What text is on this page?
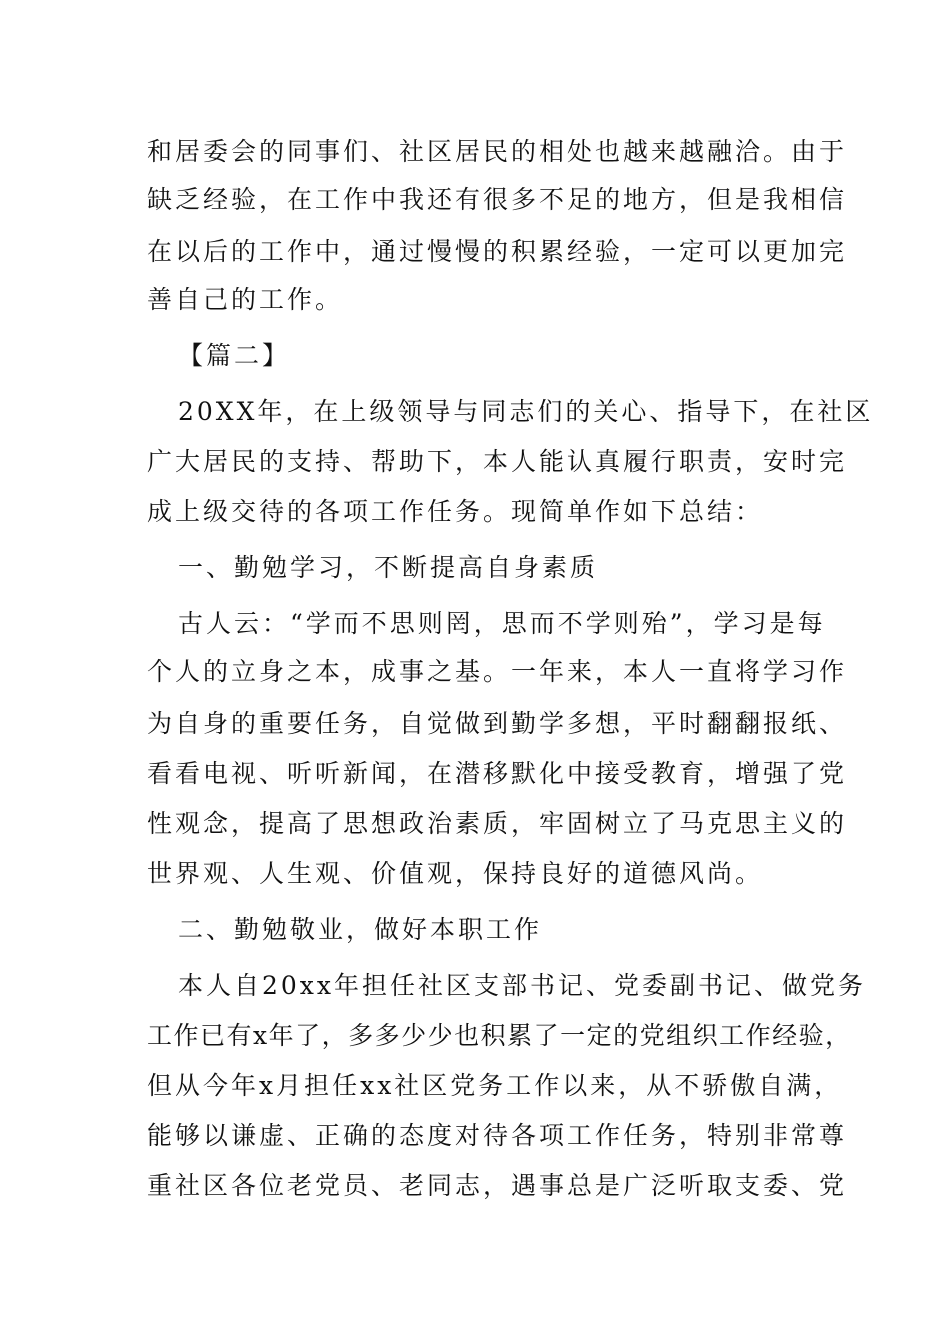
和居委会的同事们、社区居民的相处也越来越融洽。由于
缺乏经验，在工作中我还有很多不足的地方，但是我相信
在以后的工作中，通过慢慢的积累经验，一定可以更加完
善自己的工作。
【篇二】
20XX年，在上级领导与同志们的关心、指导下，在社区
广大居民的支持、帮助下，本人能认真履行职责，安时完
成上级交待的各项工作任务。现简单作如下总结：
一、勤勉学习，不断提高自身素质
古人云：“学而不思则罔，思而不学则殆”，学习是每
个人的立身之本，成事之基。一年来，本人一直将学习作
为自身的重要任务，自觉做到勤学多想，平时翻翻报纸、
看看电视、听听新闻，在潜移默化中接受教育，增强了党
性观念，提高了思想政治素质，牢固树立了马克思主义的
世界观、人生观、价值观，保持良好的道德风尚。
二、勤勉敬业，做好本职工作
本人自20xx年担任社区支部书记、党委副书记、做党务
工作已有x年了，多多少少也积累了一定的党组织工作经验，
但从今年x月担任xx社区党务工作以来，从不骄傲自满，
能够以谦虚、正确的态度对待各项工作任务，特别非常尊
重社区各位老党员、老同志，遇事总是广泛听取支委、党
